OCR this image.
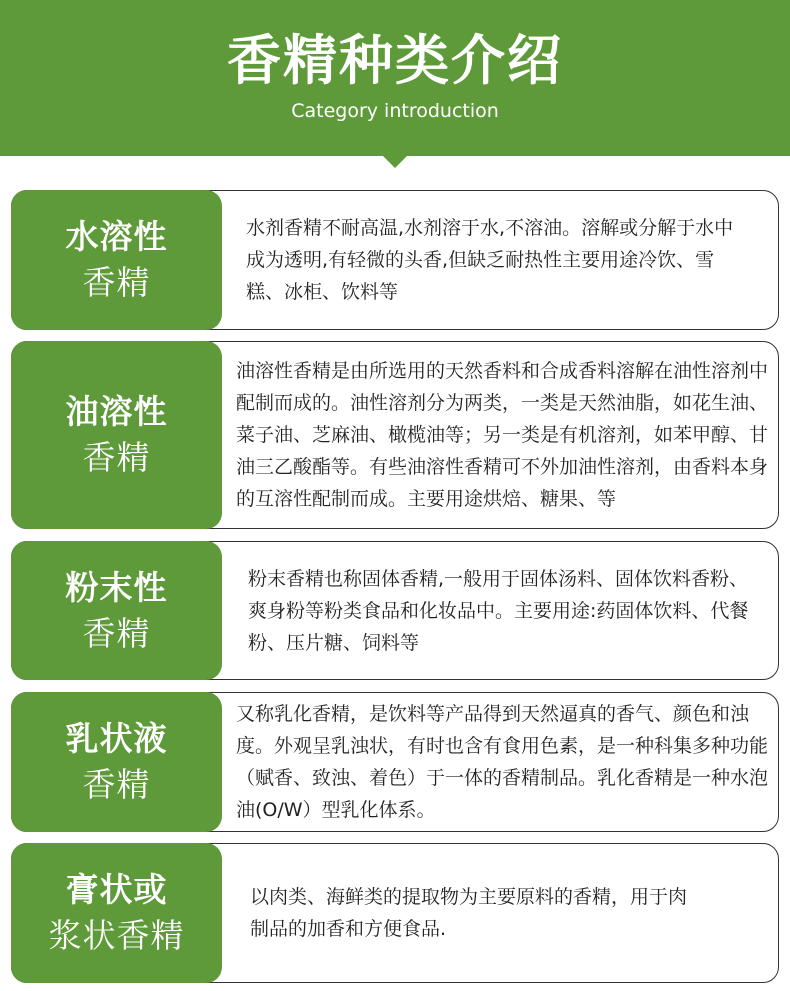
香精种类介绍
Category introduction
水溶性
香精
水剂香精不耐高温,水剂溶于水,不溶油。溶解或分解于水中成为透明,有轻微的头香,但缺乏耐热性主要用途冷饮、雪糕、冰柜、饮料等
油溶性
香精
油溶性香精是由所选用的天然香料和合成香料溶解在油性溶剂中配制而成的。油性溶剂分为两类，一类是天然油脂，如花生油、菜子油、芝麻油、橄榄油等；另一类是有机溶剂，如苯甲醇、甘油三乙酸酯等。有些油溶性香精可不外加油性溶剂，由香料本身的互溶性配制而成。主要用途烘焙、糖果、等
粉末性
香精
粉末香精也称固体香精,一般用于固体汤料、固体饮料香粉、爽身粉等粉类食品和化妆品中。主要用途:药固体饮料、代餐粉、压片糖、饲料等
乳状液
香精
又称乳化香精，是饮料等产品得到天然逼真的香气、颜色和浊度。外观呈乳浊状，有时也含有食用色素，是一种科集多种功能（赋香、致浊、着色）于一体的香精制品。乳化香精是一种水泡油(O/W）型乳化体系。
膏状或
浆状香精
以肉类、海鲜类的提取物为主要原料的香精，用于肉制品的加香和方便食品.
